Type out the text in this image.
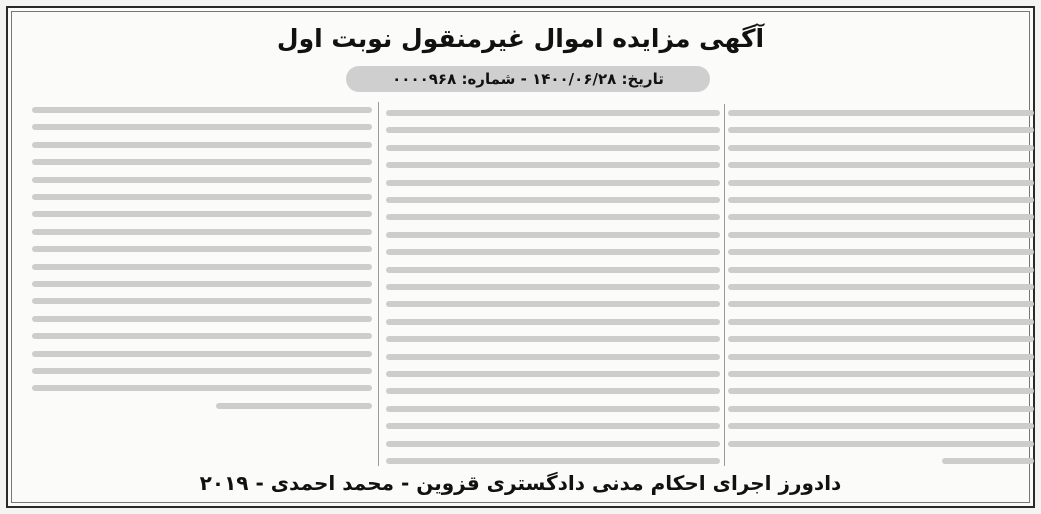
آگهی مزایده اموال غیرمنقول نوبت اول
تاریخ: ۱۴۰۰/۰۶/۲۸ - شماره: ۰۰۰۰۹۶۸
دادورز اجرای احکام مدنی دادگستری قزوین - محمد احمدی - ۲۰۱۹
